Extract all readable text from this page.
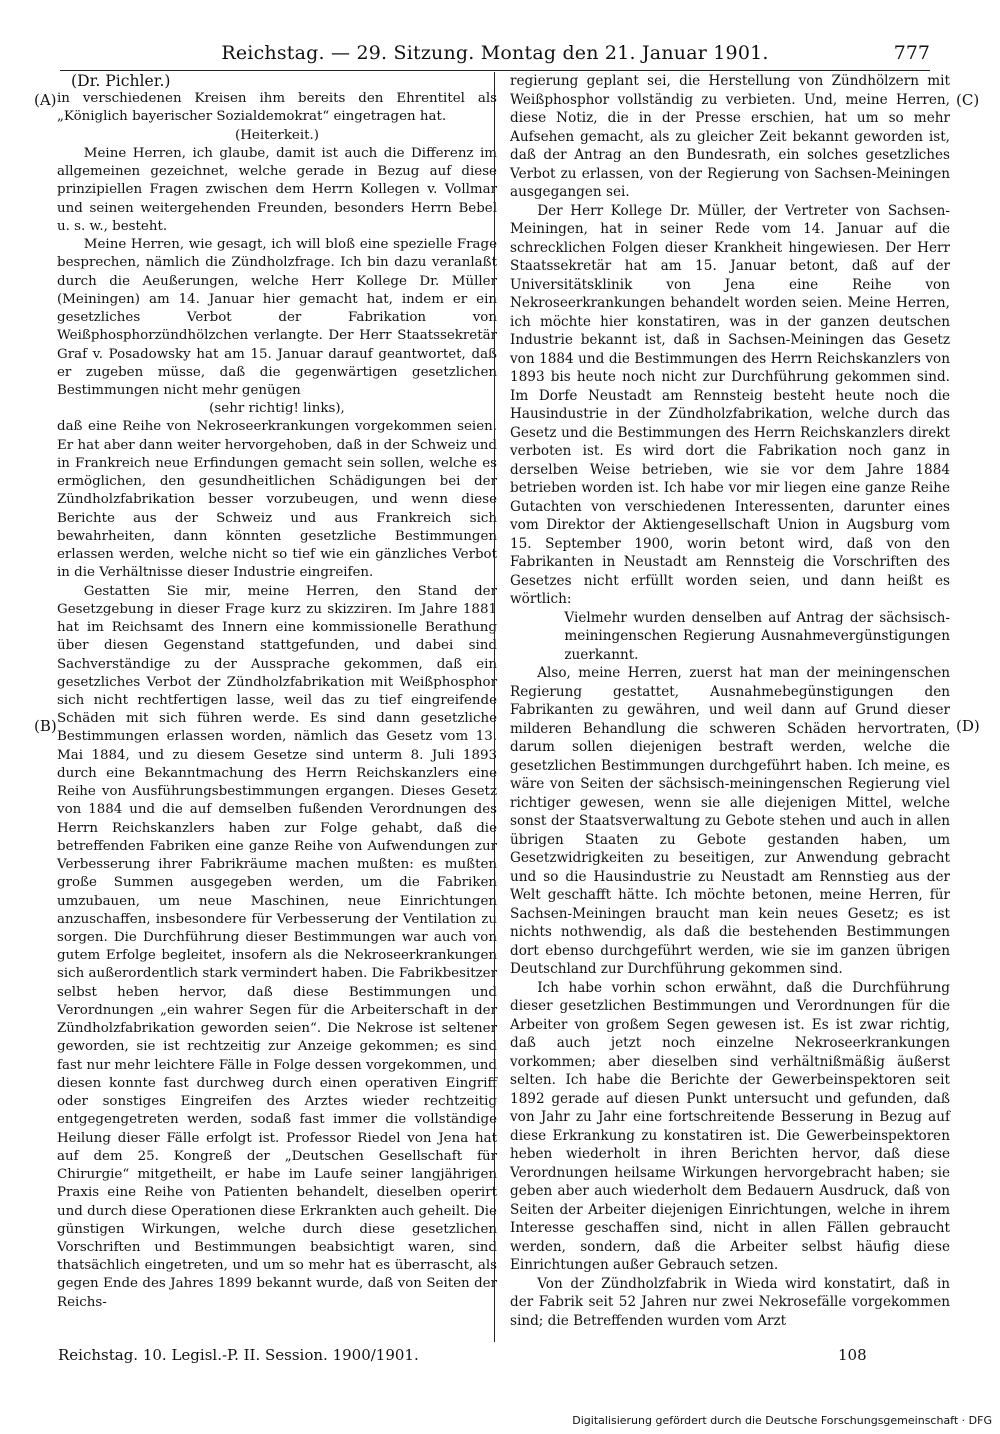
Reichstag. — 29. Sitzung. Montag den 21. Januar 1901.	777
(A)
(B)
(C)
(D)

(Dr. Pichler.)

in verschiedenen Kreisen ihm bereits den Ehrentitel als „Königlich bayerischer Sozialdemokrat“ eingetragen hat.

(Heiterkeit.)

Meine Herren, ich glaube, damit ist auch die Differenz im allgemeinen gezeichnet, welche gerade in Bezug auf diese prinzipiellen Fragen zwischen dem Herrn Kollegen v. Vollmar und seinen weitergehenden Freunden, besonders Herrn Bebel u. s. w., besteht.

Meine Herren, wie gesagt, ich will bloß eine spezielle Frage besprechen, nämlich die Zündholzfrage. Ich bin dazu veranlaßt durch die Aeußerungen, welche Herr Kollege Dr. Müller (Meiningen) am 14. Januar hier gemacht hat, indem er ein gesetzliches Verbot der Fabrikation von Weißphosphorzündhölzchen verlangte. Der Herr Staatssekretär Graf v. Posadowsky hat am 15. Januar darauf geantwortet, daß er zugeben müsse, daß die gegenwärtigen gesetzlichen Bestimmungen nicht mehr genügen

(sehr richtig! links),

daß eine Reihe von Nekroseerkrankungen vorgekommen seien. Er hat aber dann weiter hervorgehoben, daß in der Schweiz und in Frankreich neue Erfindungen gemacht sein sollen, welche es ermöglichen, den gesundheitlichen Schädigungen bei der Zündholzfabrikation besser vorzubeugen, und wenn diese Berichte aus der Schweiz und aus Frankreich sich bewahrheiten, dann könnten gesetzliche Bestimmungen erlassen werden, welche nicht so tief wie ein gänzliches Verbot in die Verhältnisse dieser Industrie eingreifen.

Gestatten Sie mir, meine Herren, den Stand der Gesetzgebung in dieser Frage kurz zu skizziren. Im Jahre 1881 hat im Reichsamt des Innern eine kommissionelle Berathung über diesen Gegenstand stattgefunden, und dabei sind Sachverständige zu der Aussprache gekommen, daß ein gesetzliches Verbot der Zündholzfabrikation mit Weißphosphor sich nicht rechtfertigen lasse, weil das zu tief eingreifende Schäden mit sich führen werde. Es sind dann gesetzliche Bestimmungen erlassen worden, nämlich das Gesetz vom 13. Mai 1884, und zu diesem Gesetze sind unterm 8. Juli 1893 durch eine Bekanntmachung des Herrn Reichskanzlers eine Reihe von Ausführungsbestimmungen ergangen. Dieses Gesetz von 1884 und die auf demselben fußenden Verordnungen des Herrn Reichskanzlers haben zur Folge gehabt, daß die betreffenden Fabriken eine ganze Reihe von Aufwendungen zur Verbesserung ihrer Fabrikräume machen mußten: es mußten große Summen ausgegeben werden, um die Fabriken umzubauen, um neue Maschinen, neue Einrichtungen anzuschaffen, insbesondere für Verbesserung der Ventilation zu sorgen. Die Durchführung dieser Bestimmungen war auch von gutem Erfolge begleitet, insofern als die Nekroseerkrankungen sich außerordentlich stark vermindert haben. Die Fabrikbesitzer selbst heben hervor, daß diese Bestimmungen und Verordnungen „ein wahrer Segen für die Arbeiterschaft in der Zündholzfabrikation geworden seien“. Die Nekrose ist seltener geworden, sie ist rechtzeitig zur Anzeige gekommen; es sind fast nur mehr leichtere Fälle in Folge dessen vorgekommen, und diesen konnte fast durchweg durch einen operativen Eingriff oder sonstiges Eingreifen des Arztes wieder rechtzeitig entgegengetreten werden, sodaß fast immer die vollständige Heilung dieser Fälle erfolgt ist. Professor Riedel von Jena hat auf dem 25. Kongreß der „Deutschen Gesellschaft für Chirurgie“ mitgetheilt, er habe im Laufe seiner langjährigen Praxis eine Reihe von Patienten behandelt, dieselben operirt und durch diese Operationen diese Erkrankten auch geheilt. Die günstigen Wirkungen, welche durch diese gesetzlichen Vorschriften und Bestimmungen beabsichtigt waren, sind thatsächlich eingetreten, und um so mehr hat es überrascht, als gegen Ende des Jahres 1899 bekannt wurde, daß von Seiten der Reichs-

regierung geplant sei, die Herstellung von Zündhölzern mit Weißphosphor vollständig zu verbieten. Und, meine Herren, diese Notiz, die in der Presse erschien, hat um so mehr Aufsehen gemacht, als zu gleicher Zeit bekannt geworden ist, daß der Antrag an den Bundesrath, ein solches gesetzliches Verbot zu erlassen, von der Regierung von Sachsen-Meiningen ausgegangen sei.

Der Herr Kollege Dr. Müller, der Vertreter von Sachsen-Meiningen, hat in seiner Rede vom 14. Januar auf die schrecklichen Folgen dieser Krankheit hingewiesen. Der Herr Staatssekretär hat am 15. Januar betont, daß auf der Universitätsklinik von Jena eine Reihe von Nekroseerkrankungen behandelt worden seien. Meine Herren, ich möchte hier konstatiren, was in der ganzen deutschen Industrie bekannt ist, daß in Sachsen-Meiningen das Gesetz von 1884 und die Bestimmungen des Herrn Reichskanzlers von 1893 bis heute noch nicht zur Durchführung gekommen sind. Im Dorfe Neustadt am Rennsteig besteht heute noch die Hausindustrie in der Zündholzfabrikation, welche durch das Gesetz und die Bestimmungen des Herrn Reichskanzlers direkt verboten ist. Es wird dort die Fabrikation noch ganz in derselben Weise betrieben, wie sie vor dem Jahre 1884 betrieben worden ist. Ich habe vor mir liegen eine ganze Reihe Gutachten von verschiedenen Interessenten, darunter eines vom Direktor der Aktiengesellschaft Union in Augsburg vom 15. September 1900, worin betont wird, daß von den Fabrikanten in Neustadt am Rennsteig die Vorschriften des Gesetzes nicht erfüllt worden seien, und dann heißt es wörtlich:

Vielmehr wurden denselben auf Antrag der sächsisch-meiningenschen Regierung Ausnahmevergünstigungen zuerkannt.

Also, meine Herren, zuerst hat man der meiningenschen Regierung gestattet, Ausnahmebegünstigungen den Fabrikanten zu gewähren, und weil dann auf Grund dieser milderen Behandlung die schweren Schäden hervortraten, darum sollen diejenigen bestraft werden, welche die gesetzlichen Bestimmungen durchgeführt haben. Ich meine, es wäre von Seiten der sächsisch-meiningenschen Regierung viel richtiger gewesen, wenn sie alle diejenigen Mittel, welche sonst der Staatsverwaltung zu Gebote stehen und auch in allen übrigen Staaten zu Gebote gestanden haben, um Gesetzwidrigkeiten zu beseitigen, zur Anwendung gebracht und so die Hausindustrie zu Neustadt am Rennstieg aus der Welt geschafft hätte. Ich möchte betonen, meine Herren, für Sachsen-Meiningen braucht man kein neues Gesetz; es ist nichts nothwendig, als daß die bestehenden Bestimmungen dort ebenso durchgeführt werden, wie sie im ganzen übrigen Deutschland zur Durchführung gekommen sind.

Ich habe vorhin schon erwähnt, daß die Durchführung dieser gesetzlichen Bestimmungen und Verordnungen für die Arbeiter von großem Segen gewesen ist. Es ist zwar richtig, daß auch jetzt noch einzelne Nekroseerkrankungen vorkommen; aber dieselben sind verhältnißmäßig äußerst selten. Ich habe die Berichte der Gewerbeinspektoren seit 1892 gerade auf diesen Punkt untersucht und gefunden, daß von Jahr zu Jahr eine fortschreitende Besserung in Bezug auf diese Erkrankung zu konstatiren ist. Die Gewerbeinspektoren heben wiederholt in ihren Berichten hervor, daß diese Verordnungen heilsame Wirkungen hervorgebracht haben; sie geben aber auch wiederholt dem Bedauern Ausdruck, daß von Seiten der Arbeiter diejenigen Einrichtungen, welche in ihrem Interesse geschaffen sind, nicht in allen Fällen gebraucht werden, sondern, daß die Arbeiter selbst häufig diese Einrichtungen außer Gebrauch setzen.

Von der Zündholzfabrik in Wieda wird konstatirt, daß in der Fabrik seit 52 Jahren nur zwei Nekrosefälle vorgekommen sind; die Betreffenden wurden vom Arzt

Reichstag. 10. Legisl.-P. II. Session. 1900/1901.	108
Digitalisierung gefördert durch die Deutsche Forschungsgemeinschaft · DFG
